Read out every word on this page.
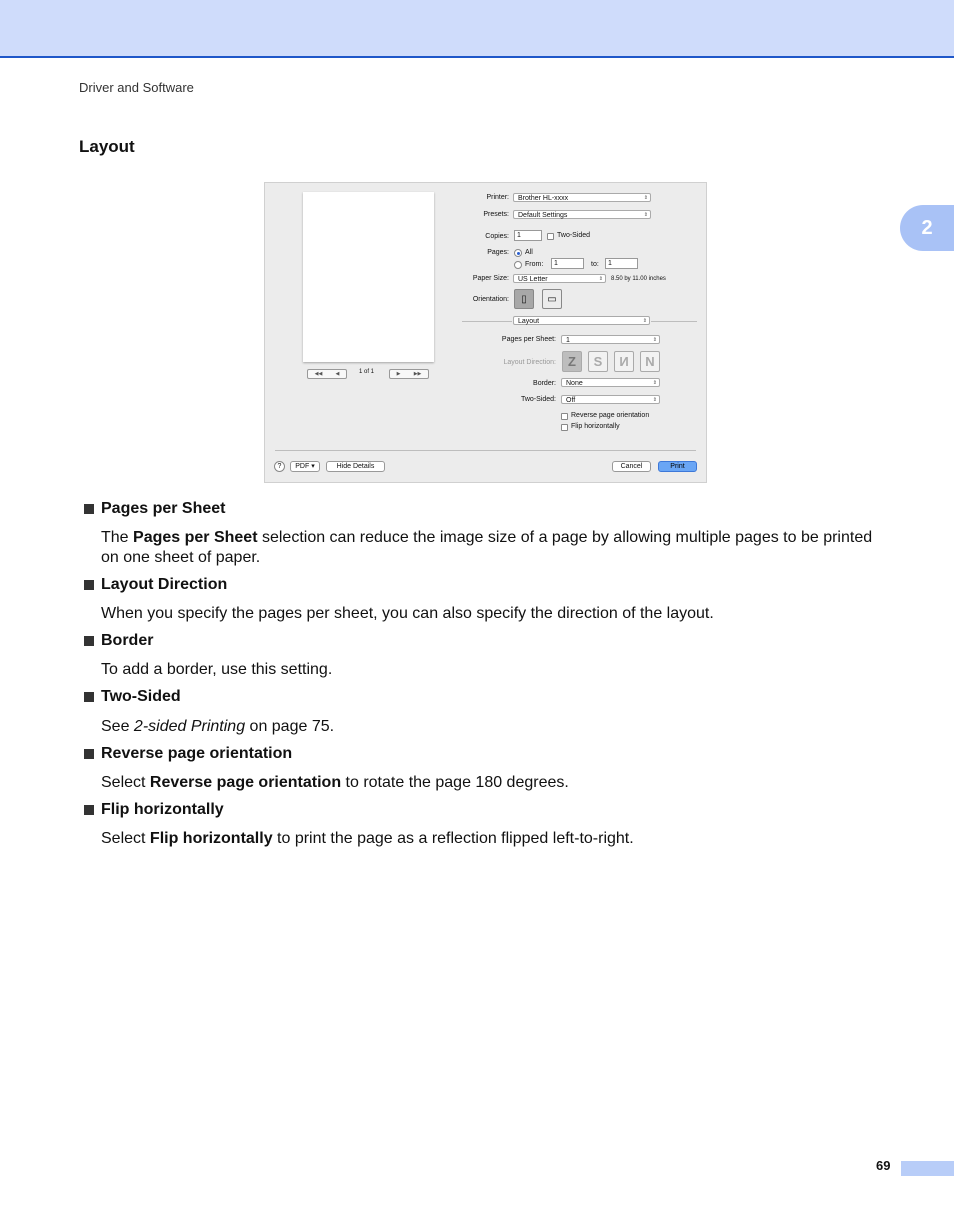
Driver and Software
2
Layout
◀◀	◀	1 of 1	▶	▶▶
Printer:	Brother HL-xxxx	⇕
Presets:	Default Settings	⇕
Copies:	1	Two-Sided
Pages: All
From:	1	to:	1
Paper Size:	US Letter	⇕ 8.50 by 11.00 inches
Orientation:	▯	▭
Layout	⇕
Pages per Sheet:	1	⇕
Layout Direction: Z	S	И	N
Border:	None	⇕
Two-Sided:	Off	⇕
Reverse page orientation
Flip horizontally
?	PDF ▾	Hide Details	Cancel	Print
Pages per Sheet
The Pages per Sheet selection can reduce the image size of a page by allowing multiple pages to be printed on one sheet of paper.
Layout Direction
When you specify the pages per sheet, you can also specify the direction of the layout.
Border
To add a border, use this setting.
Two-Sided
See 2-sided Printing on page 75.
Reverse page orientation
Select Reverse page orientation to rotate the page 180 degrees.
Flip horizontally
Select Flip horizontally to print the page as a reflection flipped left-to-right.
69
